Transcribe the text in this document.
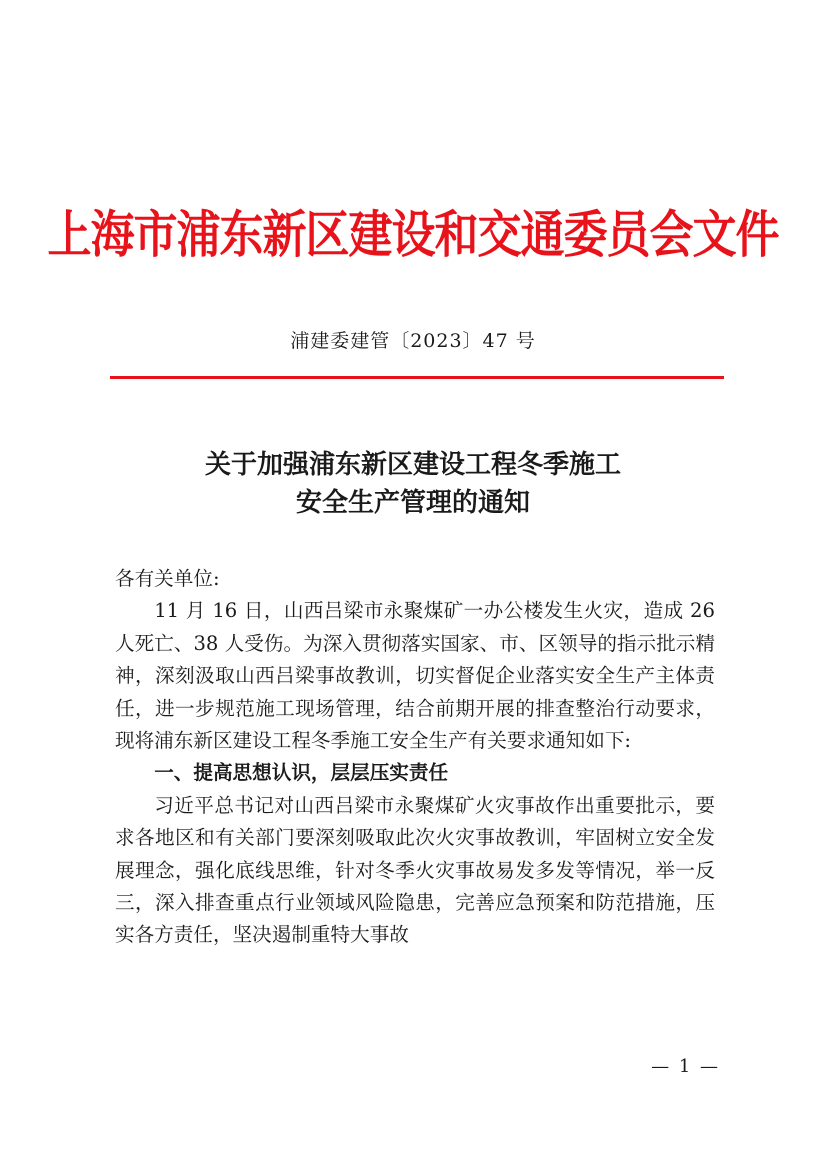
上海市浦东新区建设和交通委员会文件
浦建委建管〔2023〕47 号
关于加强浦东新区建设工程冬季施工
安全生产管理的通知

各有关单位:

11 月 16 日，山西吕梁市永聚煤矿一办公楼发生火灾，造成 26 人死亡、38 人受伤。为深入贯彻落实国家、市、区领导的指示批示精神，深刻汲取山西吕梁事故教训，切实督促企业落实安全生产主体责任，进一步规范施工现场管理，结合前期开展的排查整治行动要求，现将浦东新区建设工程冬季施工安全生产有关要求通知如下:

一、提高思想认识，层层压实责任

习近平总书记对山西吕梁市永聚煤矿火灾事故作出重要批示，要求各地区和有关部门要深刻吸取此次火灾事故教训，牢固树立安全发展理念，强化底线思维，针对冬季火灾事故易发多发等情况，举一反三，深入排查重点行业领域风险隐患，完善应急预案和防范措施，压实各方责任，坚决遏制重特大事故

— 1 —
